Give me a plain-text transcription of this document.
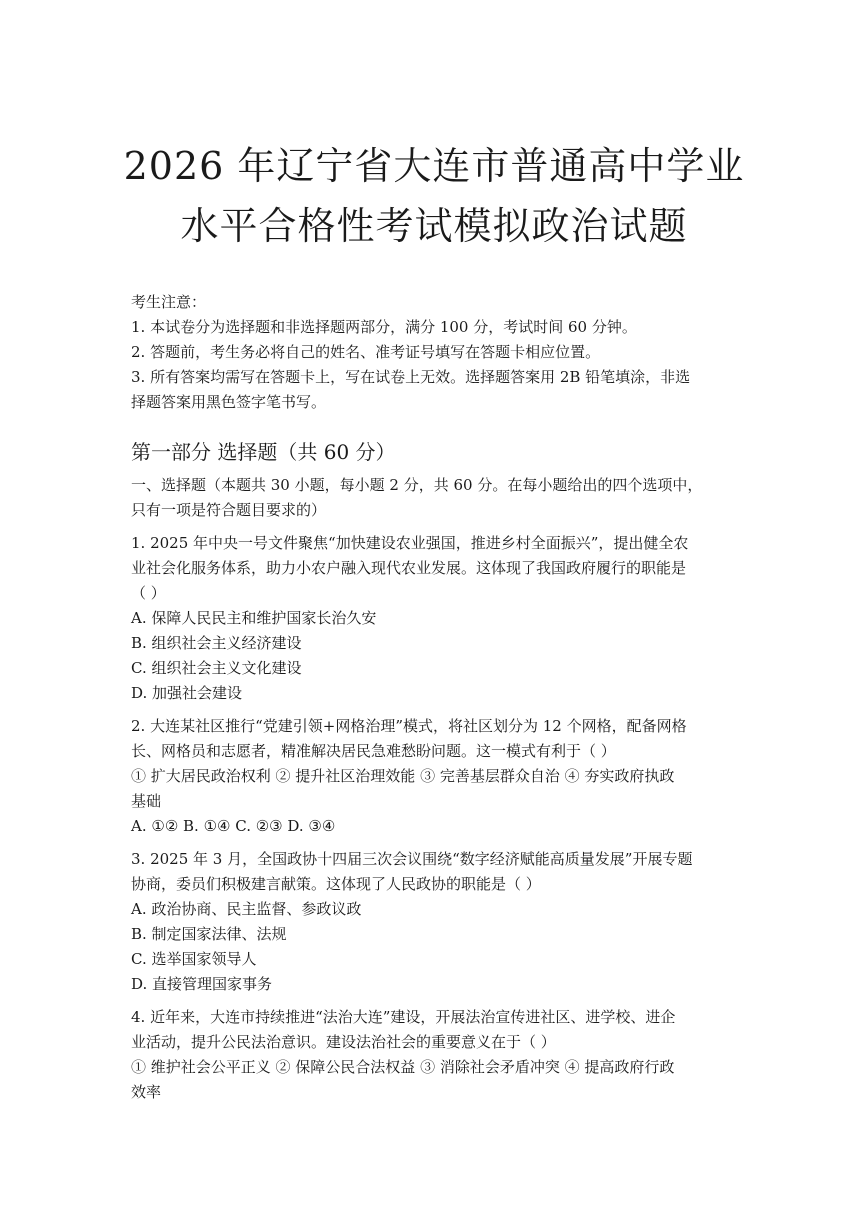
2026 年辽宁省大连市普通高中学业
水平合格性考试模拟政治试题
考生注意：
1. 本试卷分为选择题和非选择题两部分，满分 100 分，考试时间 60 分钟。
2. 答题前，考生务必将自己的姓名、准考证号填写在答题卡相应位置。
3. 所有答案均需写在答题卡上，写在试卷上无效。选择题答案用 2B 铅笔填涂，非选
择题答案用黑色签字笔书写。
第一部分 选择题（共 60 分）
一、选择题（本题共 30 小题，每小题 2 分，共 60 分。在每小题给出的四个选项中，
只有一项是符合题目要求的）
1. 2025 年中央一号文件聚焦“加快建设农业强国，推进乡村全面振兴”，提出健全农
业社会化服务体系，助力小农户融入现代农业发展。这体现了我国政府履行的职能是
（ ）
A. 保障人民民主和维护国家长治久安
B. 组织社会主义经济建设
C. 组织社会主义文化建设
D. 加强社会建设
2. 大连某社区推行“党建引领+网格治理”模式，将社区划分为 12 个网格，配备网格
长、网格员和志愿者，精准解决居民急难愁盼问题。这一模式有利于（ ）
① 扩大居民政治权利 ② 提升社区治理效能 ③ 完善基层群众自治 ④ 夯实政府执政
基础
A. ①② B. ①④ C. ②③ D. ③④
3. 2025 年 3 月，全国政协十四届三次会议围绕“数字经济赋能高质量发展”开展专题
协商，委员们积极建言献策。这体现了人民政协的职能是（ ）
A. 政治协商、民主监督、参政议政
B. 制定国家法律、法规
C. 选举国家领导人
D. 直接管理国家事务
4. 近年来，大连市持续推进“法治大连”建设，开展法治宣传进社区、进学校、进企
业活动，提升公民法治意识。建设法治社会的重要意义在于（ ）
① 维护社会公平正义 ② 保障公民合法权益 ③ 消除社会矛盾冲突 ④ 提高政府行政
效率
